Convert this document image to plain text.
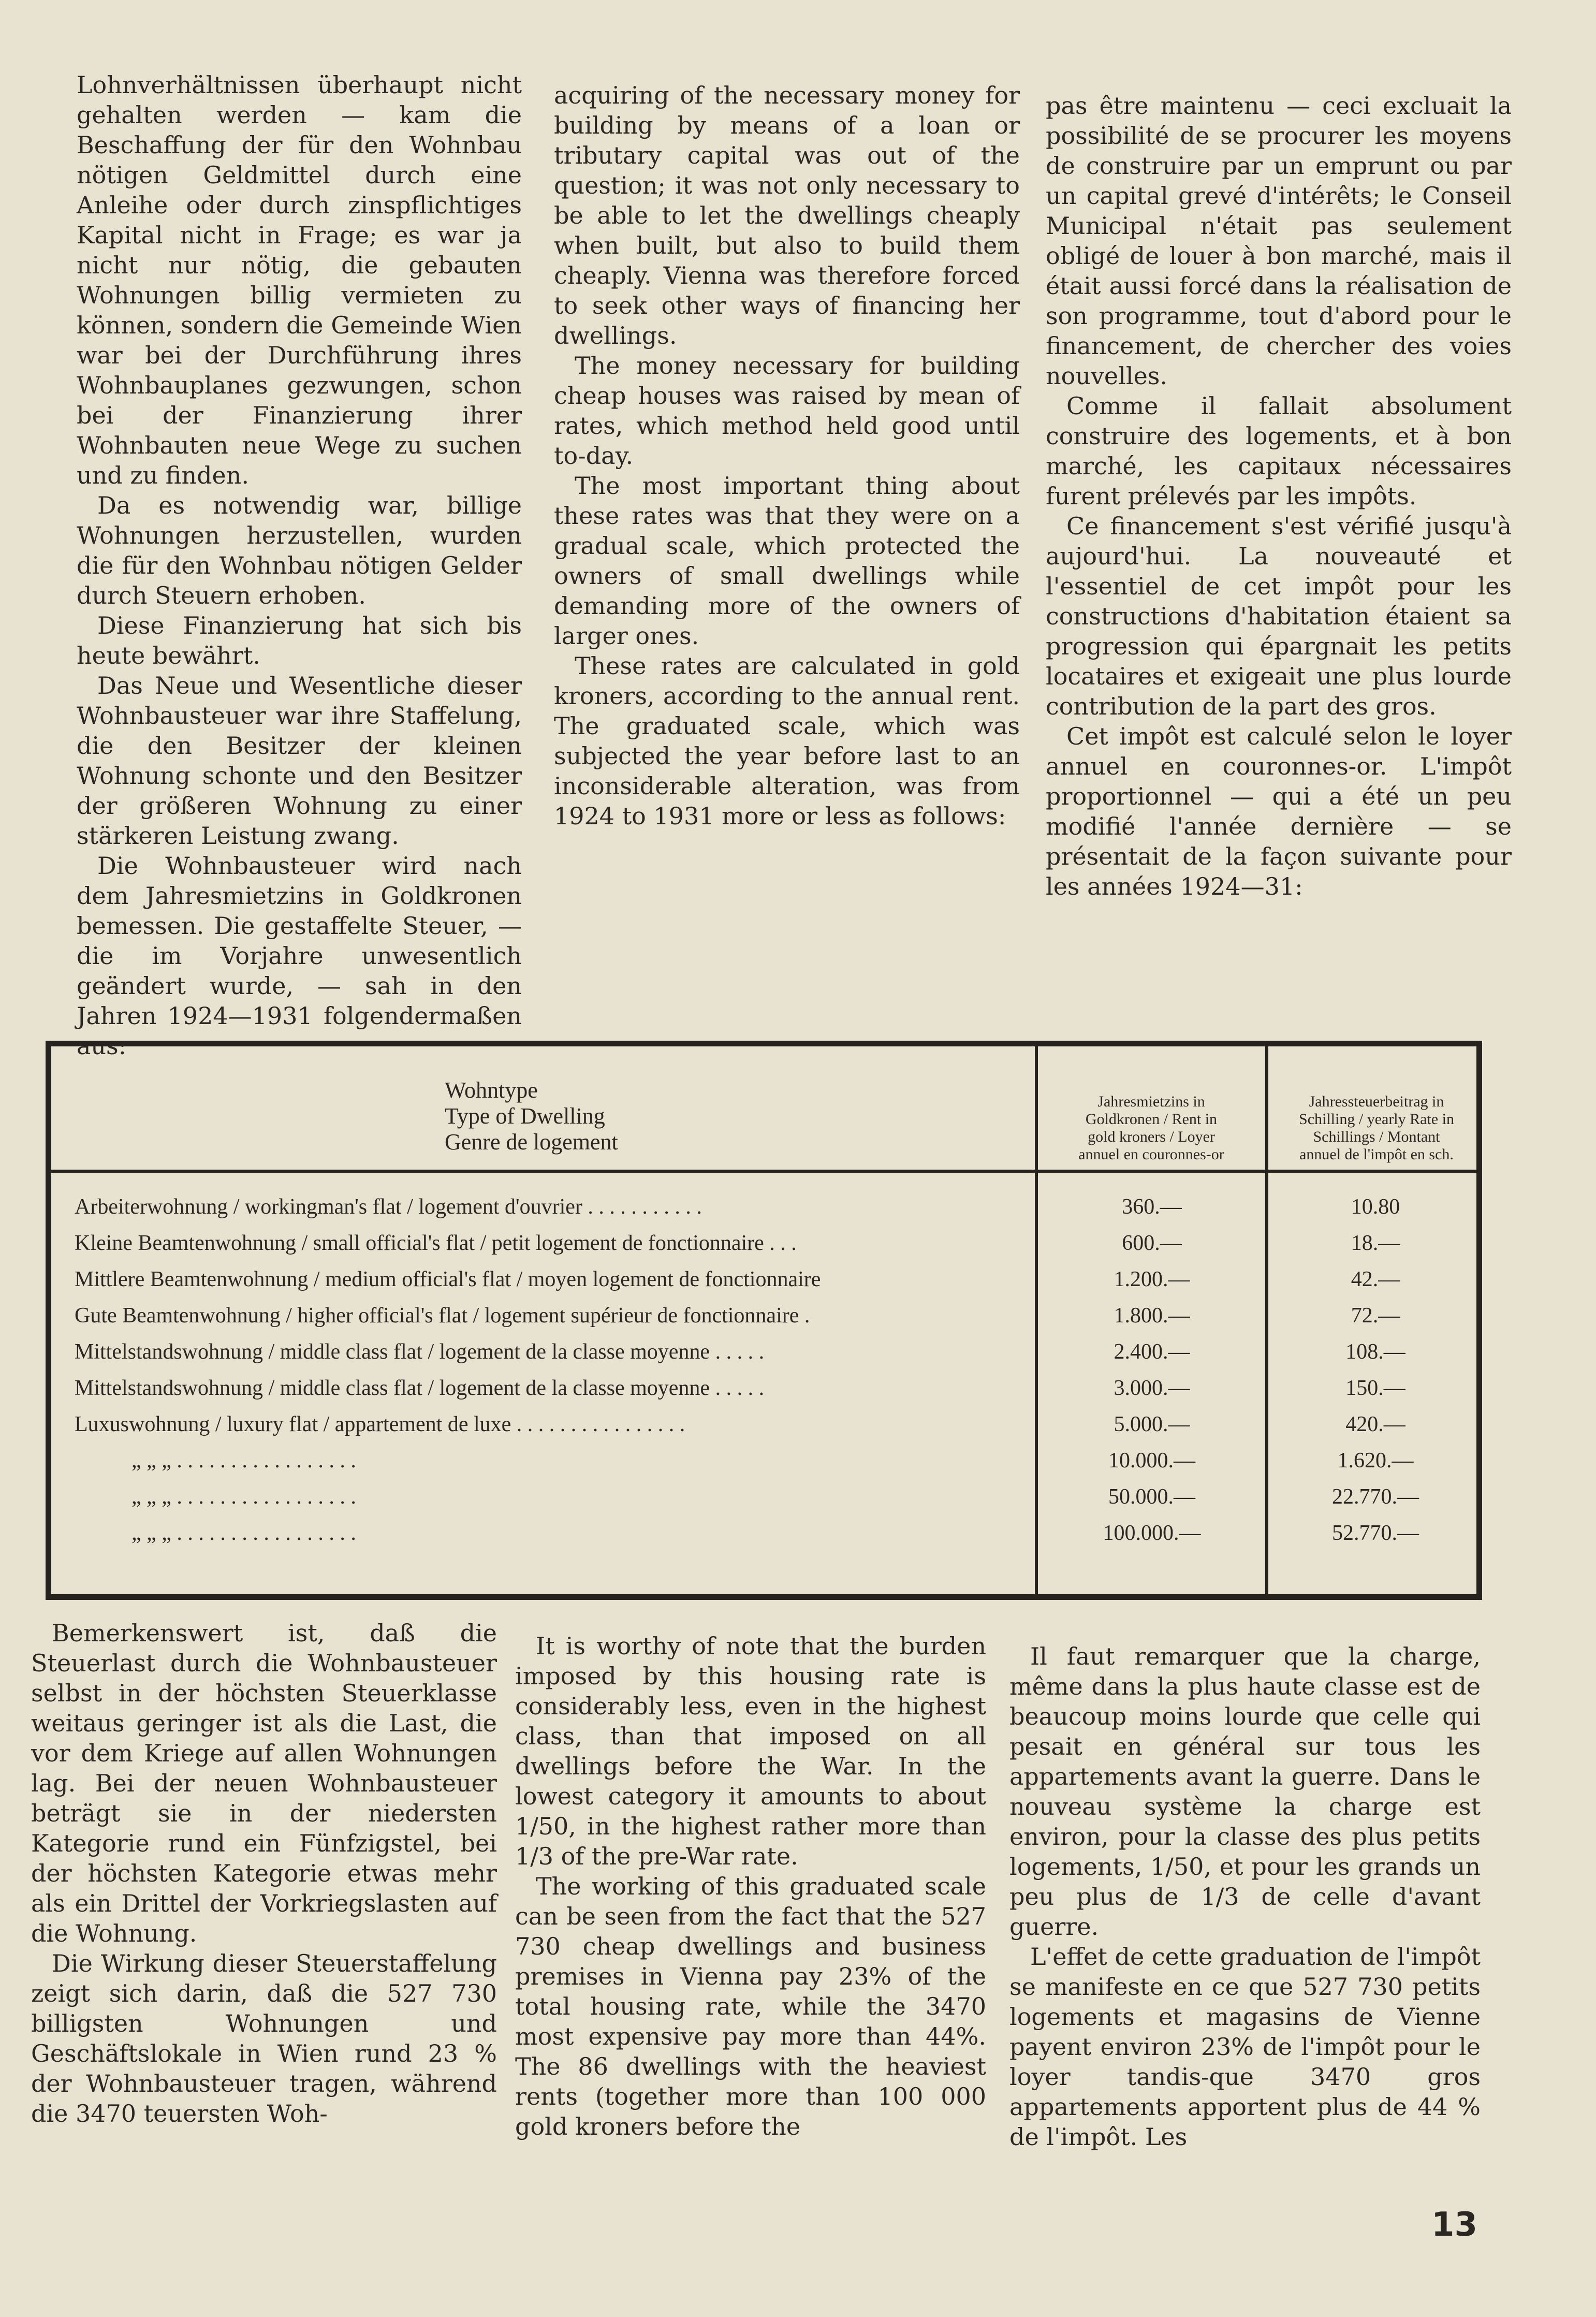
Lohnverhältnissen überhaupt nicht gehalten werden — kam die Beschaffung der für den Wohnbau nötigen Geldmittel durch eine Anleihe oder durch zinspflichtiges Kapital nicht in Frage; es war ja nicht nur nötig, die gebauten Wohnungen billig vermieten zu können, sondern die Gemeinde Wien war bei der Durchführung ihres Wohnbauplanes gezwungen, schon bei der Finanzierung ihrer Wohnbauten neue Wege zu suchen und zu finden.

Da es notwendig war, billige Wohnungen herzustellen, wurden die für den Wohnbau nötigen Gelder durch Steuern erhoben.

Diese Finanzierung hat sich bis heute bewährt.

Das Neue und Wesentliche dieser Wohnbausteuer war ihre Staffelung, die den Besitzer der kleinen Wohnung schonte und den Besitzer der größeren Wohnung zu einer stärkeren Leistung zwang.

Die Wohnbausteuer wird nach dem Jahresmietzins in Goldkronen bemessen. Die gestaffelte Steuer, — die im Vorjahre unwesentlich geändert wurde, — sah in den Jahren 1924—1931 folgendermaßen aus:

acquiring of the necessary money for building by means of a loan or tributary capital was out of the question; it was not only necessary to be able to let the dwellings cheaply when built, but also to build them cheaply. Vienna was therefore forced to seek other ways of financing her dwellings.

The money necessary for building cheap houses was raised by mean of rates, which method held good until to-day.

The most important thing about these rates was that they were on a gradual scale, which protected the owners of small dwellings while demanding more of the owners of larger ones.

These rates are calculated in gold kroners, according to the annual rent. The graduated scale, which was subjected the year before last to an inconsiderable alteration, was from 1924 to 1931 more or less as follows:

pas être maintenu — ceci excluait la possibilité de se procurer les moyens de construire par un emprunt ou par un capital grevé d'intérêts; le Conseil Municipal n'était pas seulement obligé de louer à bon marché, mais il était aussi forcé dans la réalisation de son programme, tout d'abord pour le financement, de chercher des voies nouvelles.

Comme il fallait absolument construire des logements, et à bon marché, les capitaux nécessaires furent prélevés par les impôts.

Ce financement s'est vérifié jusqu'à aujourd'hui. La nouveauté et l'essentiel de cet impôt pour les constructions d'habitation étaient sa progression qui épargnait les petits locataires et exigeait une plus lourde contribution de la part des gros.

Cet impôt est calculé selon le loyer annuel en couronnes-or. L'impôt proportionnel — qui a été un peu modifié l'année dernière — se présentait de la façon suivante pour les années 1924—31:

Wohntype
Type of Dwelling
Genre de logement
Jahresmietzins in
Goldkronen / Rent in
gold kroners / Loyer
annuel en couronnes-or
Jahressteuerbeitrag in
Schilling / yearly Rate in
Schillings / Montant
annuel de l'impôt en sch.
Arbeiterwohnung / workingman's flat / logement d'ouvrier . . . . . . . . . . .	360.—	10.80
Kleine Beamtenwohnung / small official's flat / petit logement de fonctionnaire . . .	600.—	18.—
Mittlere Beamtenwohnung / medium official's flat / moyen logement de fonctionnaire	1.200.—	42.—
Gute Beamtenwohnung / higher official's flat / logement supérieur de fonctionnaire .	1.800.—	72.—
Mittelstandswohnung / middle class flat / logement de la classe moyenne . . . . .	2.400.—	108.—
Mittelstandswohnung / middle class flat / logement de la classe moyenne . . . . .	3.000.—	150.—
Luxuswohnung / luxury flat / appartement de luxe . . . . . . . . . . . . . . . .	5.000.—	420.—
„ „ „ . . . . . . . . . . . . . . . . .	10.000.—	1.620.—
„ „ „ . . . . . . . . . . . . . . . . .	50.000.—	22.770.—
„ „ „ . . . . . . . . . . . . . . . . .	100.000.—	52.770.—

Bemerkenswert ist, daß die Steuerlast durch die Wohnbausteuer selbst in der höchsten Steuerklasse weitaus geringer ist als die Last, die vor dem Kriege auf allen Wohnungen lag. Bei der neuen Wohnbausteuer beträgt sie in der niedersten Kategorie rund ein Fünfzigstel, bei der höchsten Kategorie etwas mehr als ein Drittel der Vorkriegslasten auf die Wohnung.

Die Wirkung dieser Steuerstaffelung zeigt sich darin, daß die 527 730 billigsten Wohnungen und Geschäftslokale in Wien rund 23 % der Wohnbausteuer tragen, während die 3470 teuersten Woh-

It is worthy of note that the burden imposed by this housing rate is considerably less, even in the highest class, than that imposed on all dwellings before the War. In the lowest category it amounts to about 1/50, in the highest rather more than 1/3 of the pre-War rate.

The working of this graduated scale can be seen from the fact that the 527 730 cheap dwellings and business premises in Vienna pay 23% of the total housing rate, while the 3470 most expensive pay more than 44%. The 86 dwellings with the heaviest rents (together more than 100 000 gold kroners before the

Il faut remarquer que la charge, même dans la plus haute classe est de beaucoup moins lourde que celle qui pesait en général sur tous les appartements avant la guerre. Dans le nouveau système la charge est environ, pour la classe des plus petits logements, 1/50, et pour les grands un peu plus de 1/3 de celle d'avant guerre.

L'effet de cette graduation de l'impôt se manifeste en ce que 527 730 petits logements et magasins de Vienne payent environ 23% de l'impôt pour le loyer tandis-que 3470 gros appartements apportent plus de 44 % de l'impôt. Les

13
